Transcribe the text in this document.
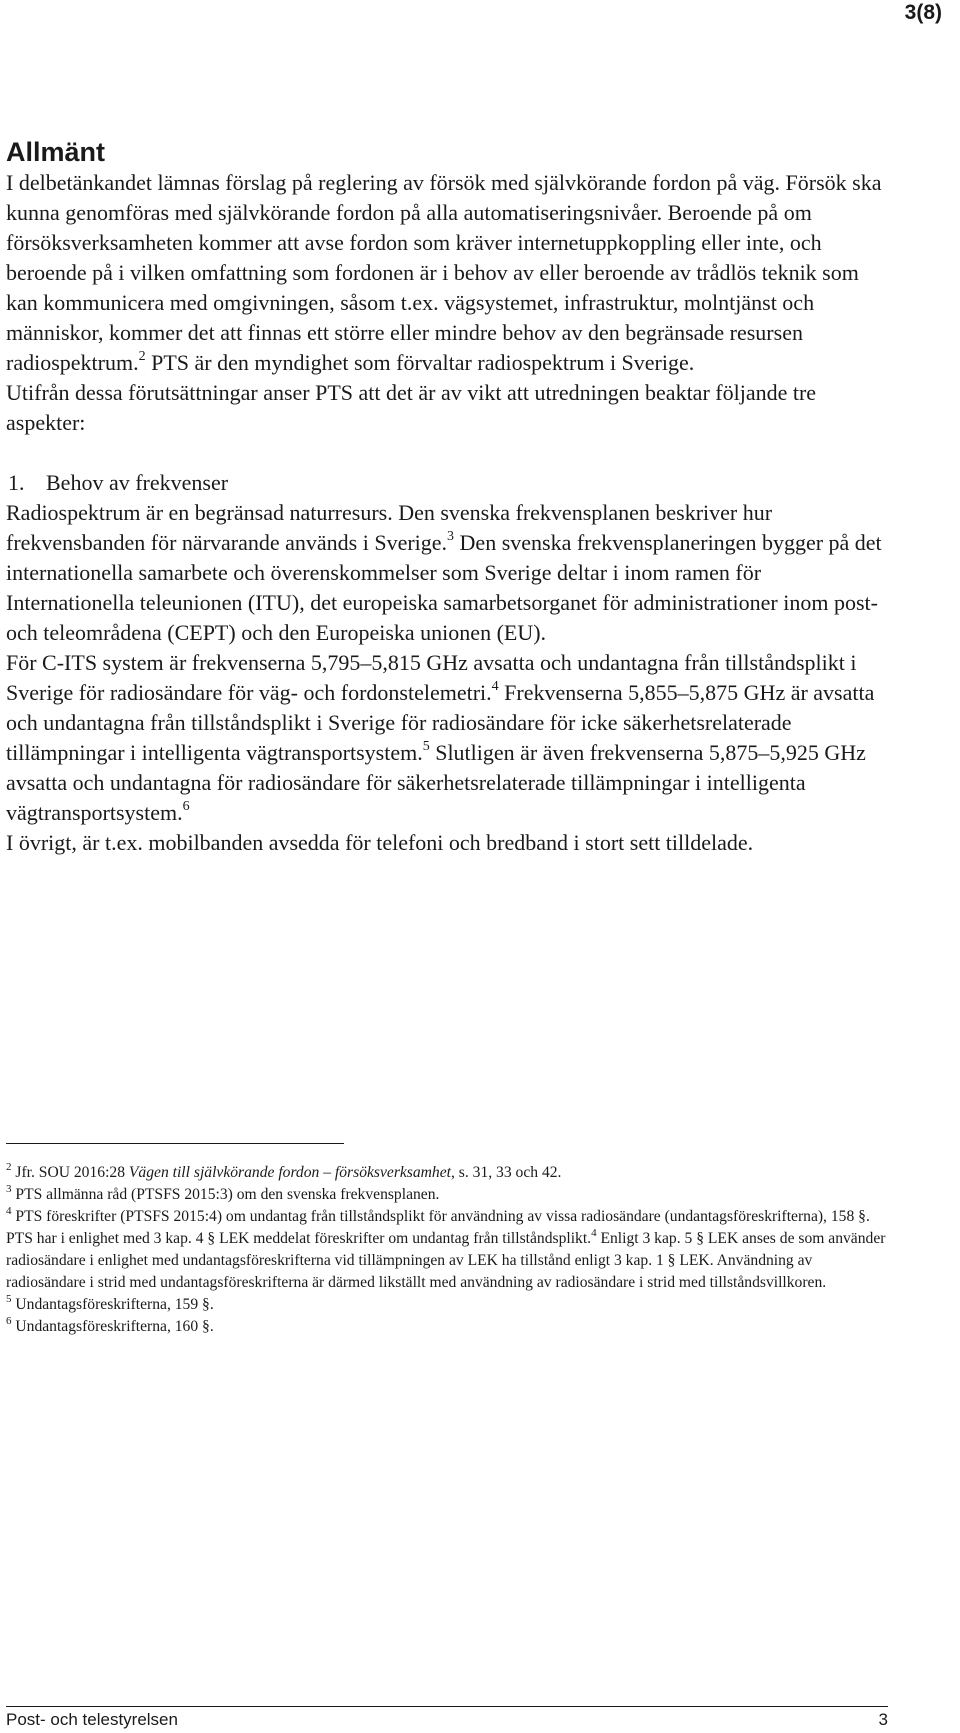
3(8)
Allmänt

I delbetänkandet lämnas förslag på reglering av försök med självkörande fordon på väg. Försök ska kunna genomföras med självkörande fordon på alla automatiseringsnivåer. Beroende på om försöksverksamheten kommer att avse fordon som kräver internetuppkoppling eller inte, och beroende på i vilken omfattning som fordonen är i behov av eller beroende av trådlös teknik som kan kommunicera med omgivningen, såsom t.ex. vägsystemet, infrastruktur, molntjänst och människor, kommer det att finnas ett större eller mindre behov av den begränsade resursen radiospektrum.$^2$ PTS är den myndighet som förvaltar radiospektrum i Sverige.

Utifrån dessa förutsättningar anser PTS att det är av vikt att utredningen beaktar följande tre aspekter:

1. Behov av frekvenser

Radiospektrum är en begränsad naturresurs. Den svenska frekvensplanen beskriver hur frekvensbanden för närvarande används i Sverige.$^3$ Den svenska frekvensplaneringen bygger på det internationella samarbete och överenskommelser som Sverige deltar i inom ramen för Internationella teleunionen (ITU), det europeiska samarbetsorganet för administrationer inom post- och teleområdena (CEPT) och den Europeiska unionen (EU).

För C-ITS system är frekvenserna 5,795–5,815 GHz avsatta och undantagna från tillståndsplikt i Sverige för radiosändare för väg- och fordonstelemetri.$^4$ Frekvenserna 5,855–5,875 GHz är avsatta och undantagna från tillståndsplikt i Sverige för radiosändare för icke säkerhetsrelaterade tillämpningar i intelligenta vägtransportsystem.$^5$ Slutligen är även frekvenserna 5,875–5,925 GHz avsatta och undantagna för radiosändare för säkerhetsrelaterade tillämpningar i intelligenta vägtransportsystem.$^6$

I övrigt, är t.ex. mobilbanden avsedda för telefoni och bredband i stort sett tilldelade.

$^2$ Jfr. SOU 2016:28 Vägen till självkörande fordon – försöksverksamhet, s. 31, 33 och 42.

$^3$ PTS allmänna råd (PTSFS 2015:3) om den svenska frekvensplanen.

$^4$ PTS föreskrifter (PTSFS 2015:4) om undantag från tillståndsplikt för användning av vissa radiosändare (undantagsföreskrifterna), 158 §. PTS har i enlighet med 3 kap. 4 § LEK meddelat föreskrifter om undantag från tillståndsplikt.$^4$ Enligt 3 kap. 5 § LEK anses de som använder radiosändare i enlighet med undantagsföreskrifterna vid tillämpningen av LEK ha tillstånd enligt 3 kap. 1 § LEK. Användning av radiosändare i strid med undantagsföreskrifterna är därmed likställt med användning av radiosändare i strid med tillståndsvillkoren.

$^5$ Undantagsföreskrifterna, 159 §.

$^6$ Undantagsföreskrifterna, 160 §.

Post- och telestyrelsen	3
